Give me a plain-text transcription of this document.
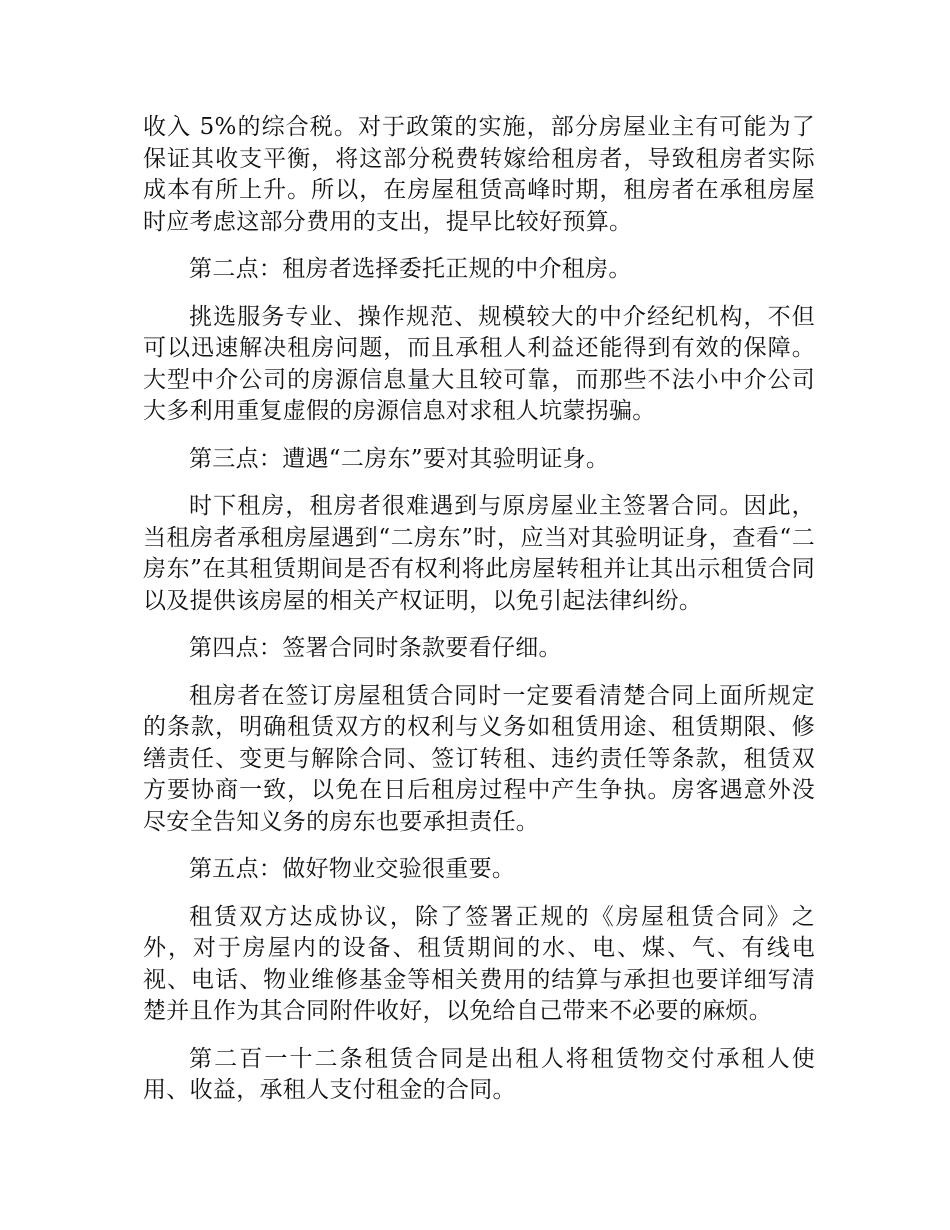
收入 5%的综合税。对于政策的实施，部分房屋业主有可能为了保证其收支平衡，将这部分税费转嫁给租房者，导致租房者实际成本有所上升。所以，在房屋租赁高峰时期，租房者在承租房屋时应考虑这部分费用的支出，提早比较好预算。

第二点：租房者选择委托正规的中介租房。

挑选服务专业、操作规范、规模较大的中介经纪机构，不但可以迅速解决租房问题，而且承租人利益还能得到有效的保障。大型中介公司的房源信息量大且较可靠，而那些不法小中介公司大多利用重复虚假的房源信息对求租人坑蒙拐骗。

第三点：遭遇“二房东”要对其验明证身。

时下租房，租房者很难遇到与原房屋业主签署合同。因此，当租房者承租房屋遇到“二房东”时，应当对其验明证身，查看“二房东”在其租赁期间是否有权利将此房屋转租并让其出示租赁合同以及提供该房屋的相关产权证明，以免引起法律纠纷。

第四点：签署合同时条款要看仔细。

租房者在签订房屋租赁合同时一定要看清楚合同上面所规定的条款，明确租赁双方的权利与义务如租赁用途、租赁期限、修缮责任、变更与解除合同、签订转租、违约责任等条款，租赁双方要协商一致，以免在日后租房过程中产生争执。房客遇意外没尽安全告知义务的房东也要承担责任。

第五点：做好物业交验很重要。

租赁双方达成协议，除了签署正规的《房屋租赁合同》之外，对于房屋内的设备、租赁期间的水、电、煤、气、有线电视、电话、物业维修基金等相关费用的结算与承担也要详细写清楚并且作为其合同附件收好，以免给自己带来不必要的麻烦。

第二百一十二条租赁合同是出租人将租赁物交付承租人使用、收益，承租人支付租金的合同。
